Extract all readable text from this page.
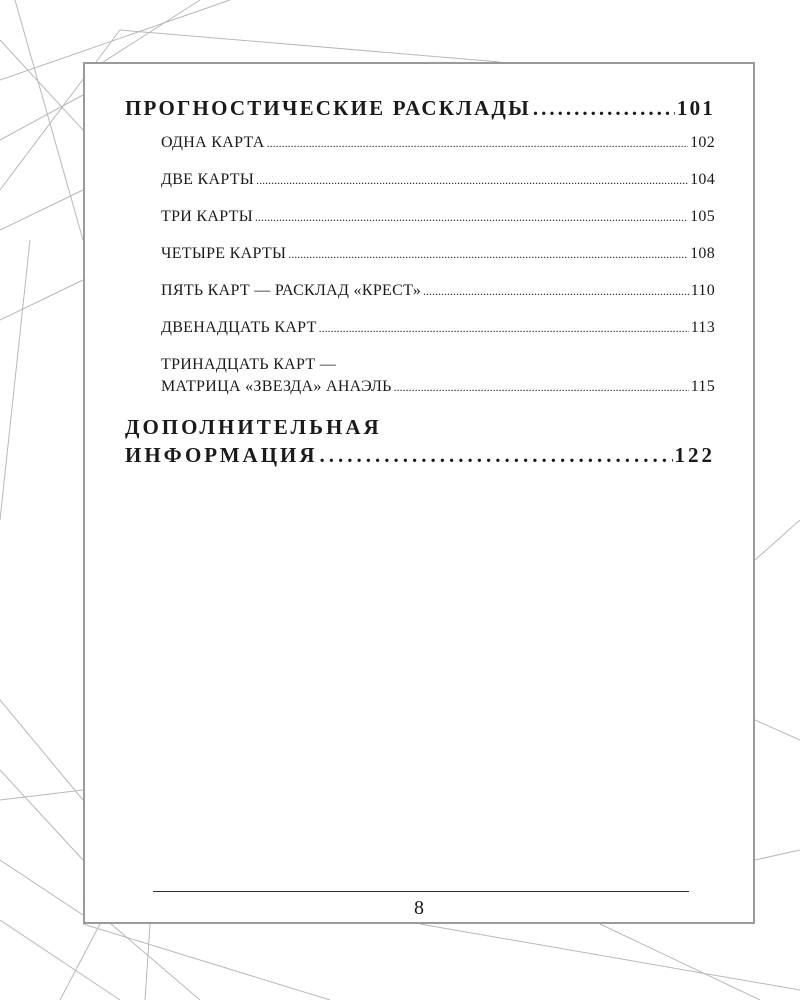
ПРОГНОСТИЧЕСКИЕ РАСКЛАДЫ .....	101
ОДНА КАРТА .....	102
ДВЕ КАРТЫ .....	104
ТРИ КАРТЫ .....	105
ЧЕТЫРЕ КАРТЫ .....	108
ПЯТЬ КАРТ — РАСКЛАД «КРЕСТ» .....	110
ДВЕНАДЦАТЬ КАРТ .....	113
ТРИНАДЦАТЬ КАРТ —
МАТРИЦА «ЗВЕЗДА» АНАЭЛЬ .....	115
ДОПОЛНИТЕЛЬНАЯ
ИНФОРМАЦИЯ .....	122
8
